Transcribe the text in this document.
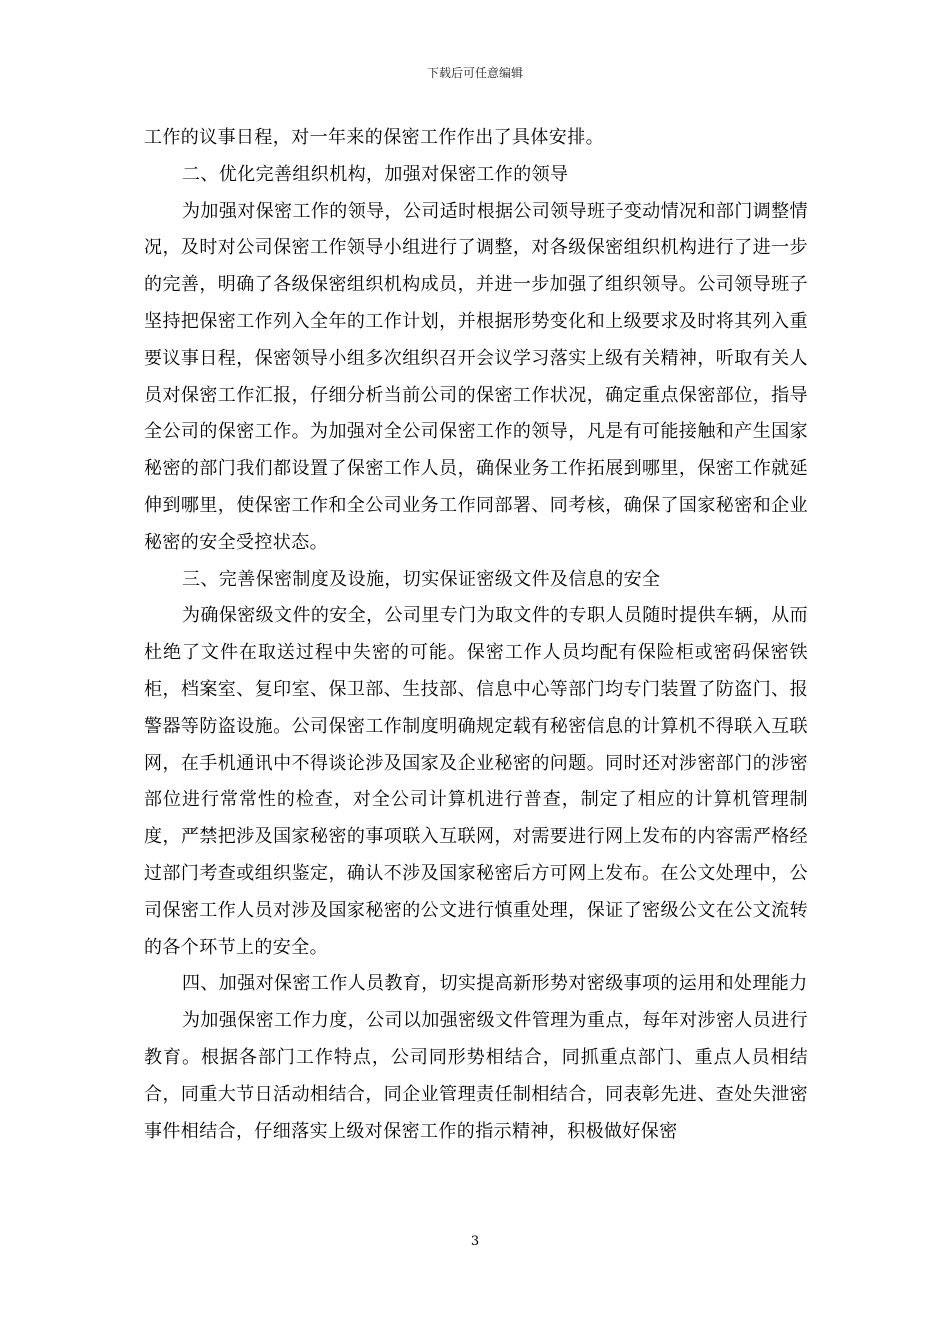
下载后可任意编辑

工作的议事日程，对一年来的保密工作作出了具体安排。

二、优化完善组织机构，加强对保密工作的领导

为加强对保密工作的领导，公司适时根据公司领导班子变动情况和部门调整情况，及时对公司保密工作领导小组进行了调整，对各级保密组织机构进行了进一步的完善，明确了各级保密组织机构成员，并进一步加强了组织领导。公司领导班子坚持把保密工作列入全年的工作计划，并根据形势变化和上级要求及时将其列入重要议事日程，保密领导小组多次组织召开会议学习落实上级有关精神，听取有关人员对保密工作汇报，仔细分析当前公司的保密工作状况，确定重点保密部位，指导全公司的保密工作。为加强对全公司保密工作的领导，凡是有可能接触和产生国家秘密的部门我们都设置了保密工作人员，确保业务工作拓展到哪里，保密工作就延伸到哪里，使保密工作和全公司业务工作同部署、同考核，确保了国家秘密和企业秘密的安全受控状态。

三、完善保密制度及设施，切实保证密级文件及信息的安全

为确保密级文件的安全，公司里专门为取文件的专职人员随时提供车辆，从而杜绝了文件在取送过程中失密的可能。保密工作人员均配有保险柜或密码保密铁柜，档案室、复印室、保卫部、生技部、信息中心等部门均专门装置了防盗门、报警器等防盗设施。公司保密工作制度明确规定载有秘密信息的计算机不得联入互联网，在手机通讯中不得谈论涉及国家及企业秘密的问题。同时还对涉密部门的涉密部位进行常常性的检查，对全公司计算机进行普查，制定了相应的计算机管理制度，严禁把涉及国家秘密的事项联入互联网，对需要进行网上发布的内容需严格经过部门考查或组织鉴定，确认不涉及国家秘密后方可网上发布。在公文处理中，公司保密工作人员对涉及国家秘密的公文进行慎重处理，保证了密级公文在公文流转的各个环节上的安全。

四、加强对保密工作人员教育，切实提高新形势对密级事项的运用和处理能力

为加强保密工作力度，公司以加强密级文件管理为重点，每年对涉密人员进行教育。根据各部门工作特点，公司同形势相结合，同抓重点部门、重点人员相结合，同重大节日活动相结合，同企业管理责任制相结合，同表彰先进、查处失泄密事件相结合，仔细落实上级对保密工作的指示精神，积极做好保密

3
